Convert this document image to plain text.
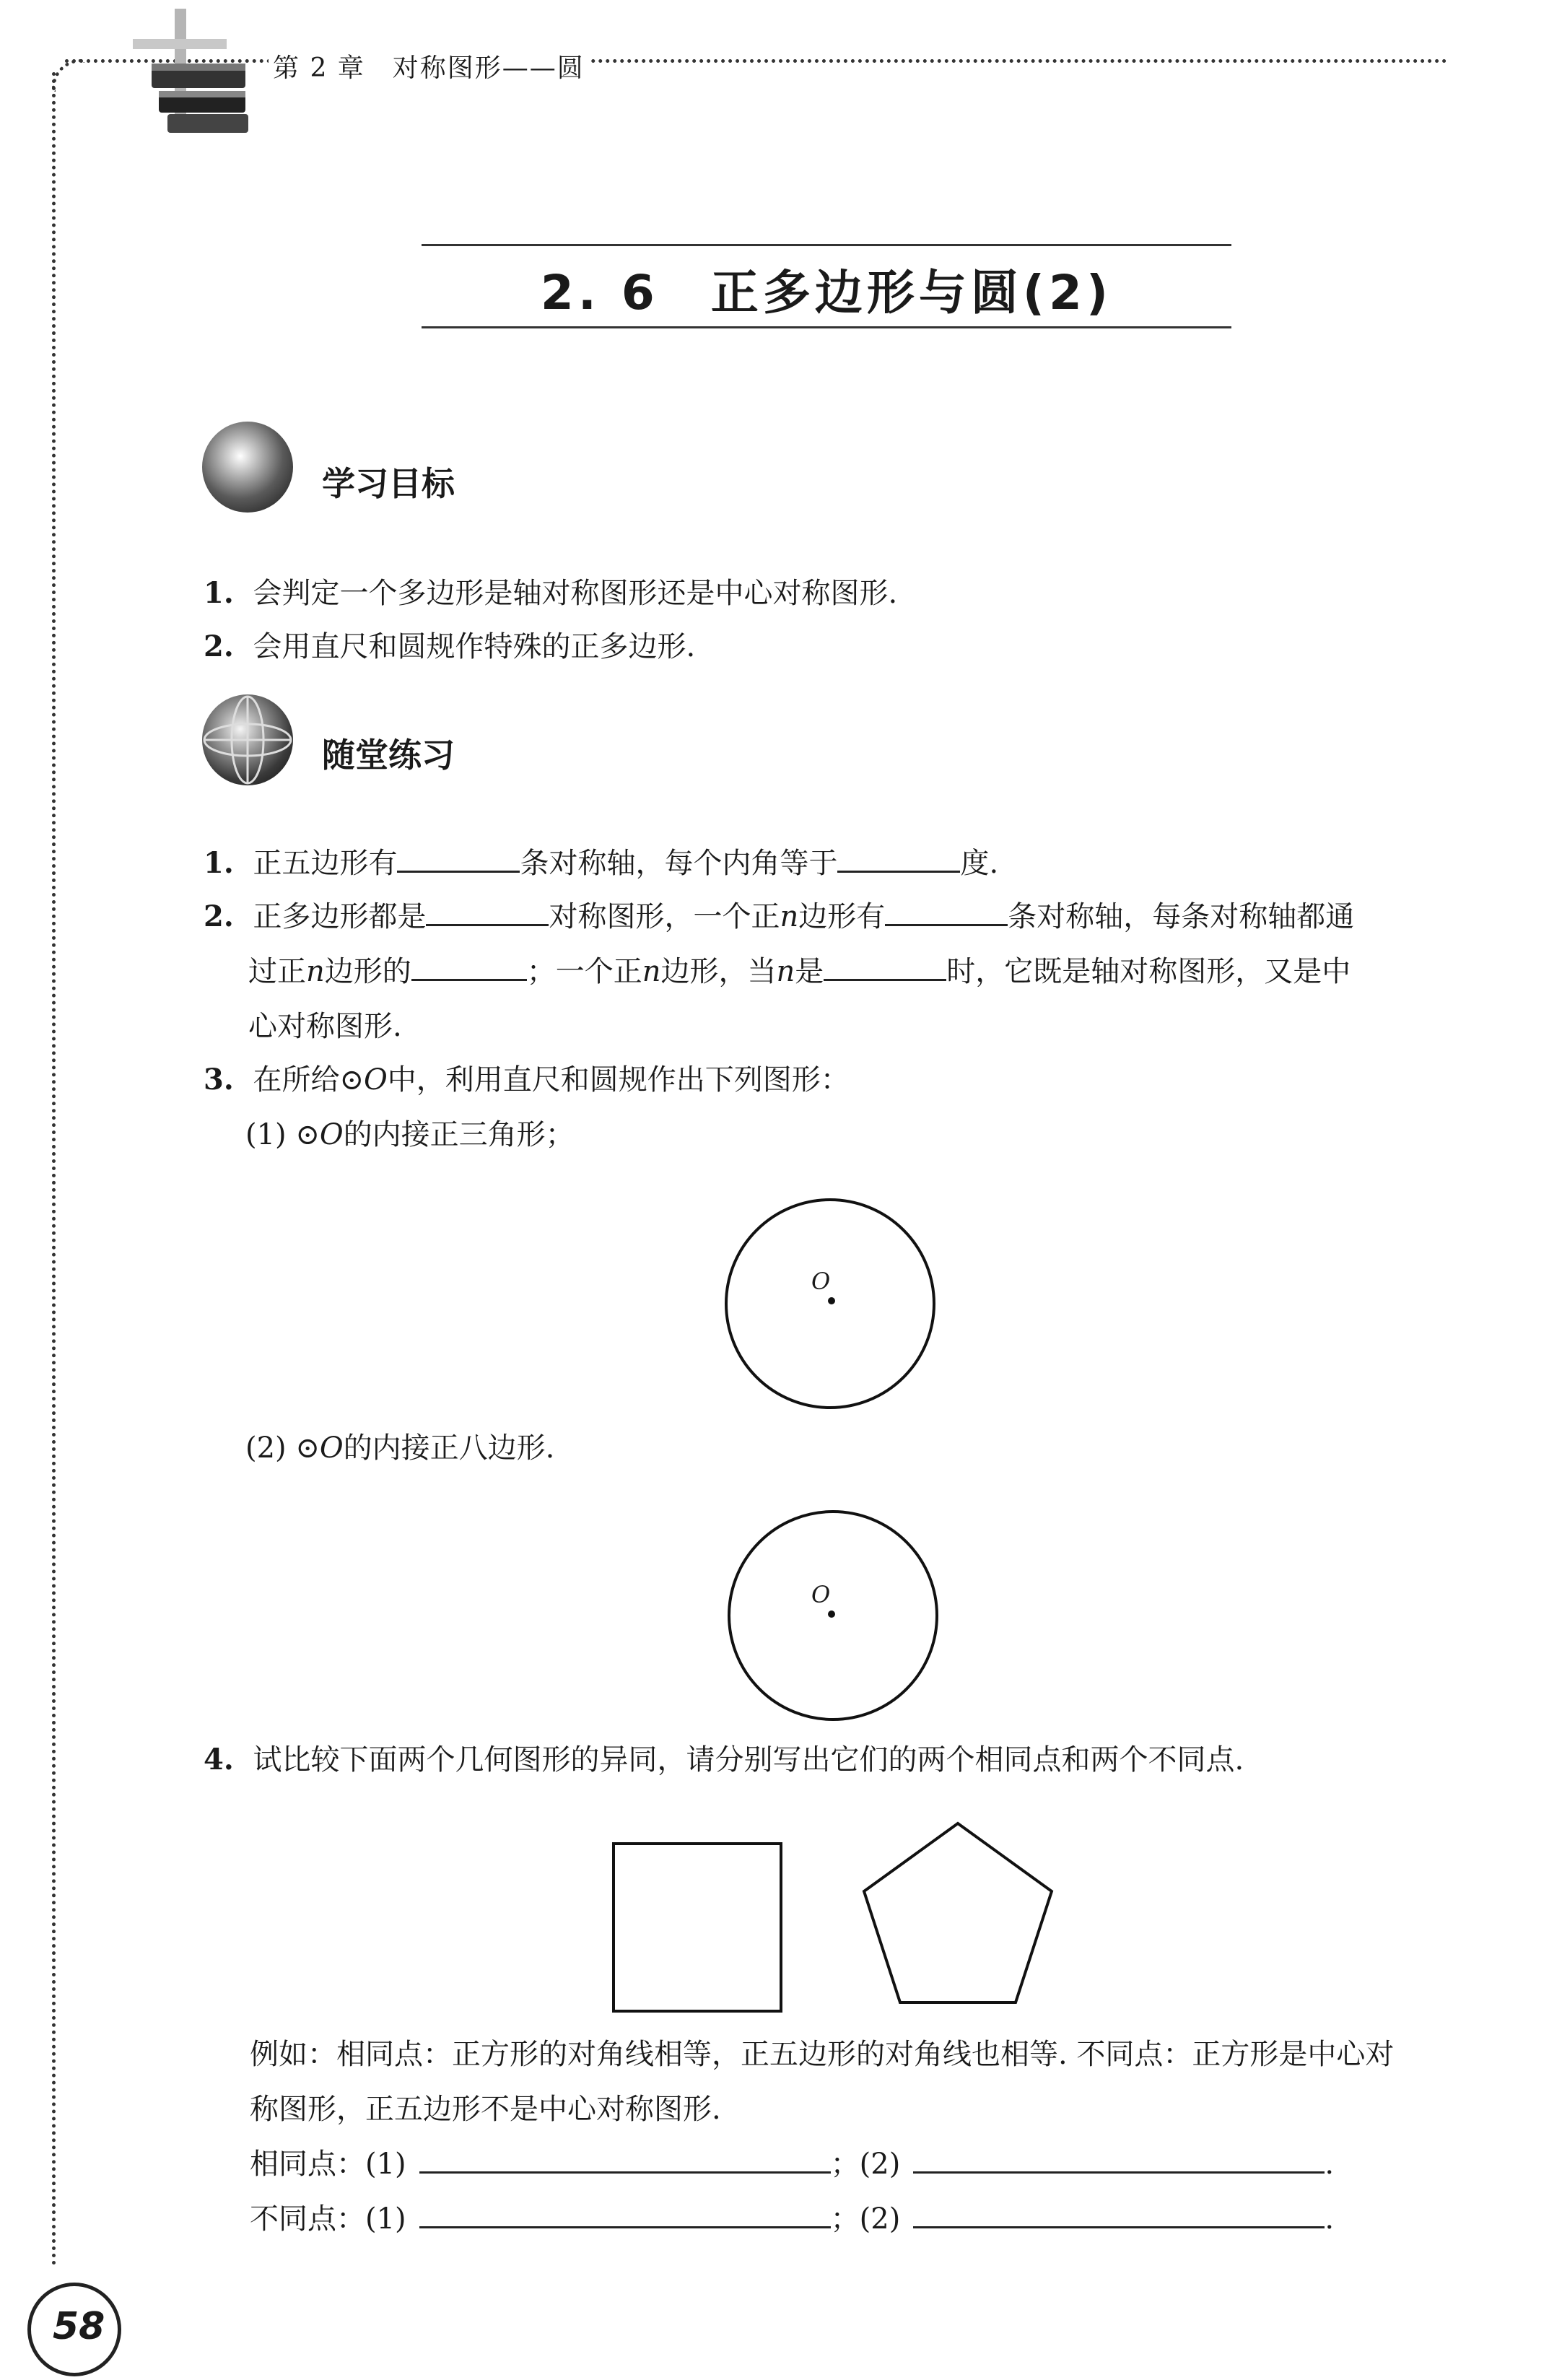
第 2 章　对称图形——圆
2. 6　正多边形与圆(2)
学习目标
1. 会判定一个多边形是轴对称图形还是中心对称图形.
2. 会用直尺和圆规作特殊的正多边形.
随堂练习
1. 正五边形有	条对称轴，每个内角等于	度.
2. 正多边形都是	对称图形，一个正n边形有	条对称轴，每条对称轴都通
过正n边形的	；一个正n边形，当n是	时，它既是轴对称图形，又是中
心对称图形.
3. 在所给⊙O中，利用直尺和圆规作出下列图形：
(1) ⊙O的内接正三角形；
O
(2) ⊙O的内接正八边形.
O
4. 试比较下面两个几何图形的异同，请分别写出它们的两个相同点和两个不同点.
例如：相同点：正方形的对角线相等，正五边形的对角线也相等. 不同点：正方形是中心对
称图形，正五边形不是中心对称图形.
相同点：(1)	；(2)	.
不同点：(1)	；(2)	.
58
